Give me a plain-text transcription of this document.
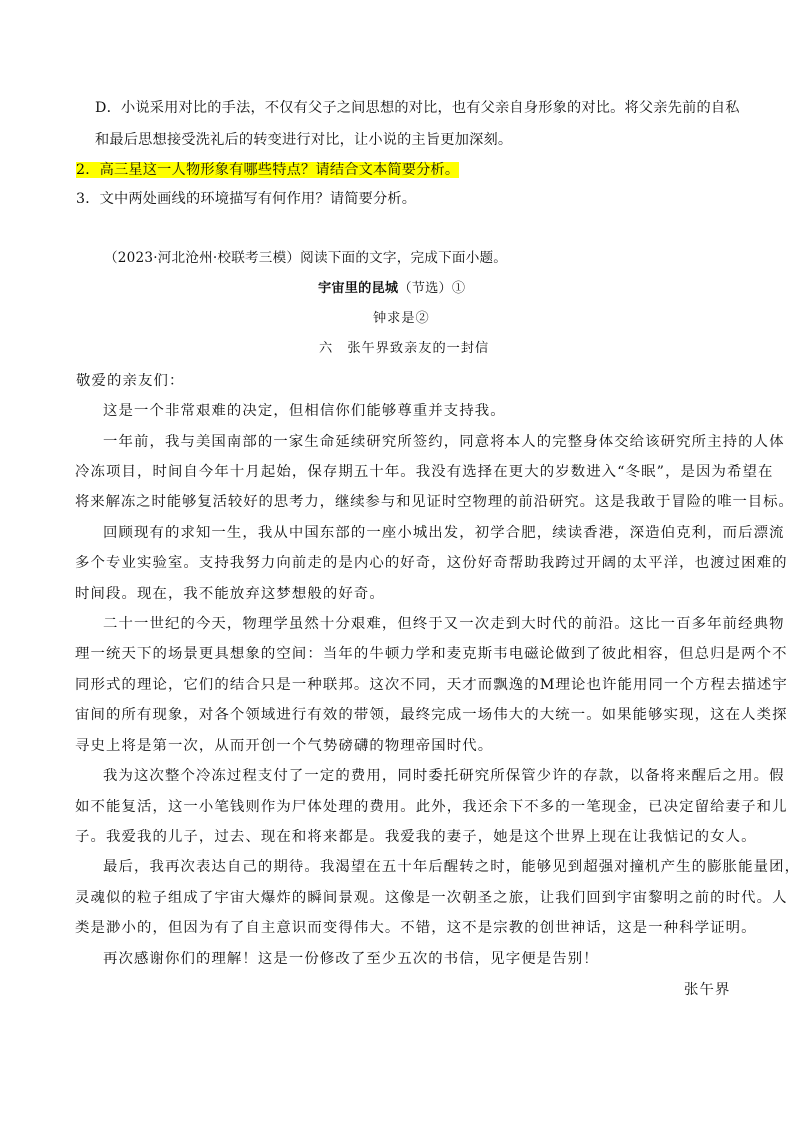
D．小说采用对比的手法，不仅有父子之间思想的对比，也有父亲自身形象的对比。将父亲先前的自私

和最后思想接受洗礼后的转变进行对比，让小说的主旨更加深刻。

2．高三星这一人物形象有哪些特点？请结合文本简要分析。

3．文中两处画线的环境描写有何作用？请简要分析。

（2023·河北沧州·校联考三模）阅读下面的文字，完成下面小题。

宇宙里的昆城（节选）①

钟求是②

六　张午界致亲友的一封信

敬爱的亲友们：

这是一个非常艰难的决定，但相信你们能够尊重并支持我。

一年前，我与美国南部的一家生命延续研究所签约，同意将本人的完整身体交给该研究所主持的人体

冷冻项目，时间自今年十月起始，保存期五十年。我没有选择在更大的岁数进入“冬眠”，是因为希望在

将来解冻之时能够复活较好的思考力，继续参与和见证时空物理的前沿研究。这是我敢于冒险的唯一目标。

回顾现有的求知一生，我从中国东部的一座小城出发，初学合肥，续读香港，深造伯克利，而后漂流

多个专业实验室。支持我努力向前走的是内心的好奇，这份好奇帮助我跨过开阔的太平洋，也渡过困难的

时间段。现在，我不能放弃这梦想般的好奇。

二十一世纪的今天，物理学虽然十分艰难，但终于又一次走到大时代的前沿。这比一百多年前经典物

理一统天下的场景更具想象的空间：当年的牛顿力学和麦克斯韦电磁论做到了彼此相容，但总归是两个不

同形式的理论，它们的结合只是一种联邦。这次不同，天才而飘逸的M理论也许能用同一个方程去描述宇

宙间的所有现象，对各个领域进行有效的带领，最终完成一场伟大的大统一。如果能够实现，这在人类探

寻史上将是第一次，从而开创一个气势磅礴的物理帝国时代。

我为这次整个冷冻过程支付了一定的费用，同时委托研究所保管少许的存款，以备将来醒后之用。假

如不能复活，这一小笔钱则作为尸体处理的费用。此外，我还余下不多的一笔现金，已决定留给妻子和儿

子。我爱我的儿子，过去、现在和将来都是。我爱我的妻子，她是这个世界上现在让我惦记的女人。

最后，我再次表达自己的期待。我渴望在五十年后醒转之时，能够见到超强对撞机产生的膨胀能量团，

灵魂似的粒子组成了宇宙大爆炸的瞬间景观。这像是一次朝圣之旅，让我们回到宇宙黎明之前的时代。人

类是渺小的，但因为有了自主意识而变得伟大。不错，这不是宗教的创世神话，这是一种科学证明。

再次感谢你们的理解！这是一份修改了至少五次的书信，见字便是告别！

张午界
